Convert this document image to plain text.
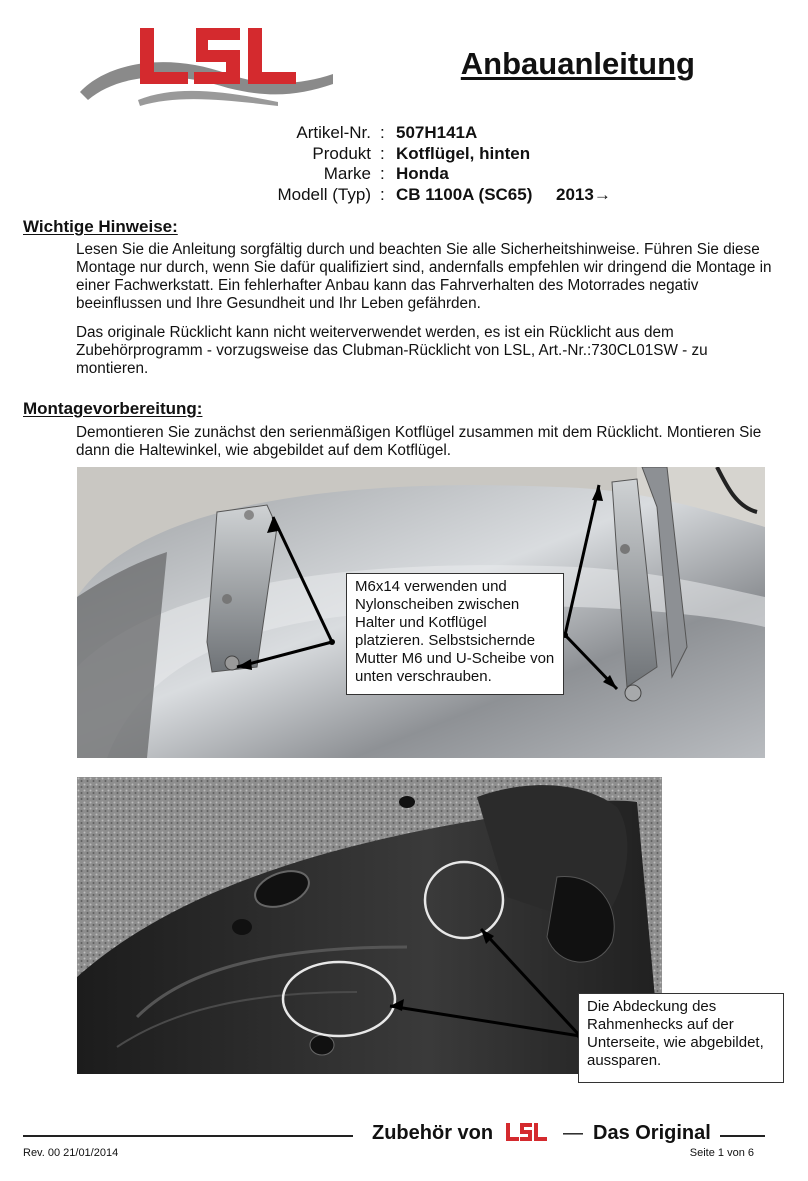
Anbauanleitung
Artikel-Nr. : 507H141A
Produkt : Kotflügel, hinten
Marke : Honda
Modell (Typ) : CB 1100A (SC65) 2013→
Wichtige Hinweise:

Lesen Sie die Anleitung sorgfältig durch und beachten Sie alle Sicherheitshinweise. Führen Sie diese Montage nur durch, wenn Sie dafür qualifiziert sind, andernfalls empfehlen wir dringend die Montage in einer Fachwerkstatt. Ein fehlerhafter Anbau kann das Fahrverhalten des Motorrades negativ beeinflussen und Ihre Gesundheit und Ihr Leben gefährden.

Das originale Rücklicht kann nicht weiterverwendet werden, es ist ein Rücklicht aus dem Zubehörprogramm - vorzugsweise das Clubman-Rücklicht von LSL, Art.-Nr.:730CL01SW - zu montieren.

Montagevorbereitung:

Demontieren Sie zunächst den serienmäßigen Kotflügel zusammen mit dem Rücklicht. Montieren Sie dann die Haltewinkel, wie abgebildet auf dem Kotflügel.

M6x14 verwenden und Nylonscheiben zwischen Halter und Kotflügel platzieren. Selbstsichernde Mutter M6 und U-Scheibe von unten verschrauben.
Die Abdeckung des Rahmenhecks auf der Unterseite, wie abgebildet, aussparen.
Zubehör von	— Das Original
Rev. 00 21/01/2014	Seite 1 von 6
